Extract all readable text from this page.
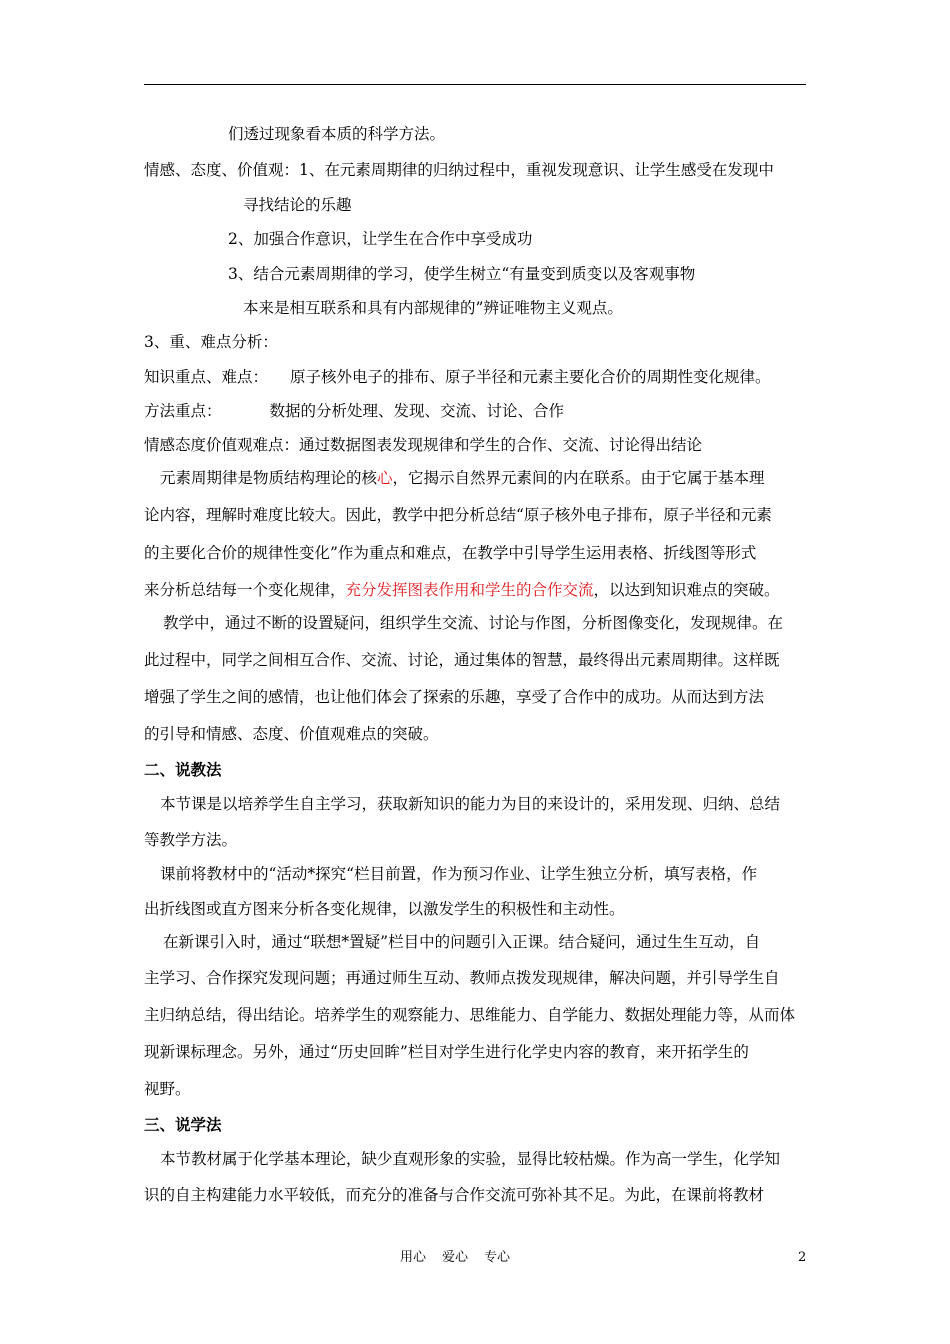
们透过现象看本质的科学方法。
情感、态度、价值观：1、在元素周期律的归纳过程中，重视发现意识、让学生感受在发现中
寻找结论的乐趣
2、加强合作意识，让学生在合作中享受成功
3、结合元素周期律的学习，使学生树立“有量变到质变以及客观事物
本来是相互联系和具有内部规律的”辨证唯物主义观点。
3、重、难点分析：
知识重点、难点： 原子核外电子的排布、原子半径和元素主要化合价的周期性变化规律。
方法重点：	数据的分析处理、发现、交流、讨论、合作
情感态度价值观难点：通过数据图表发现规律和学生的合作、交流、讨论得出结论
元素周期律是物质结构理论的核心，它揭示自然界元素间的内在联系。由于它属于基本理
论内容，理解时难度比较大。因此，教学中把分析总结“原子核外电子排布，原子半径和元素
的主要化合价的规律性变化”作为重点和难点，在教学中引导学生运用表格、折线图等形式
来分析总结每一个变化规律，充分发挥图表作用和学生的合作交流，以达到知识难点的突破。
教学中，通过不断的设置疑问，组织学生交流、讨论与作图，分析图像变化，发现规律。在
此过程中，同学之间相互合作、交流、讨论，通过集体的智慧，最终得出元素周期律。这样既
增强了学生之间的感情，也让他们体会了探索的乐趣，享受了合作中的成功。从而达到方法
的引导和情感、态度、价值观难点的突破。
二、说教法
本节课是以培养学生自主学习，获取新知识的能力为目的来设计的，采用发现、归纳、总结
等教学方法。
课前将教材中的“活动*探究“栏目前置，作为预习作业、让学生独立分析，填写表格，作
出折线图或直方图来分析各变化规律，以激发学生的积极性和主动性。
在新课引入时，通过“联想*置疑”栏目中的问题引入正课。结合疑问，通过生生互动，自
主学习、合作探究发现问题；再通过师生互动、教师点拨发现规律，解决问题，并引导学生自
主归纳总结，得出结论。培养学生的观察能力、思维能力、自学能力、数据处理能力等，从而体
现新课标理念。另外，通过“历史回眸”栏目对学生进行化学史内容的教育，来开拓学生的
视野。
三、说学法
本节教材属于化学基本理论，缺少直观形象的实验，显得比较枯燥。作为高一学生，化学知
识的自主构建能力水平较低，而充分的准备与合作交流可弥补其不足。为此，在课前将教材
用心 爱心 专心	2
